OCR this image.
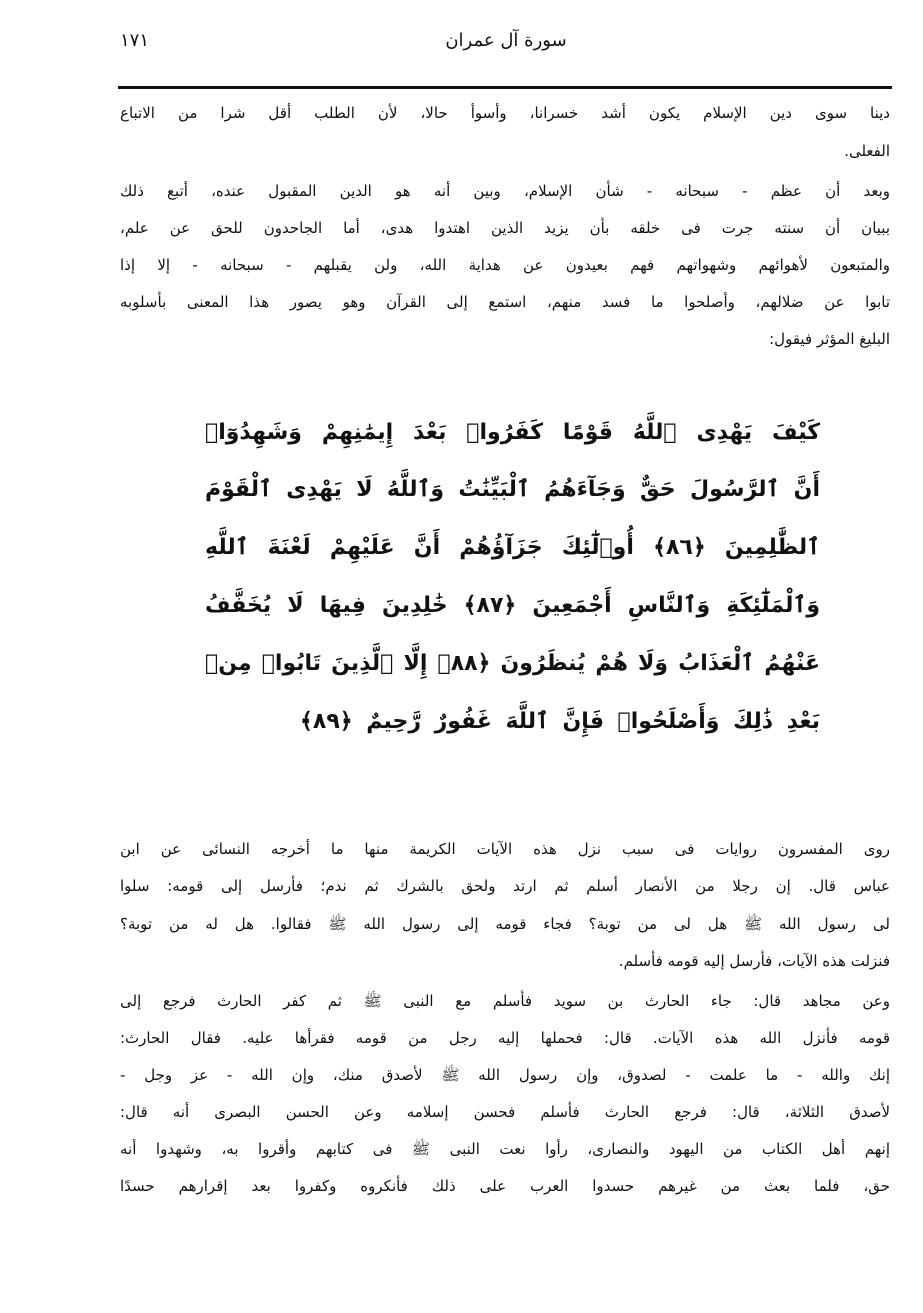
سورة آل عمران
١٧١
دينا سوى دين الإسلام يكون أشد خسرانا، وأسوأ حالا، لأن الطلب أقل شرا من الاتباع
الفعلى.
وبعد أن عظم - سبحانه - شأن الإسلام، وبين أنه هو الدين المقبول عنده، أتبع ذلك
ببيان أن سنته جرت فى خلقه بأن يزيد الذين اهتدوا هدى، أما الجاحدون للحق عن علم،
والمتبعون لأهوائهم وشهواتهم فهم بعيدون عن هداية الله، ولن يقبلهم - سبحانه - إلا إذا
تابوا عن ضلالهم، وأصلحوا ما فسد منهم، استمع إلى القرآن وهو يصور هذا المعنى بأسلوبه
البليغ المؤثر فيقول:
كَيْفَ يَهْدِى ٱللَّهُ قَوْمًا كَفَرُوا۟ بَعْدَ إِيمَٰنِهِمْ وَشَهِدُوٓا۟
أَنَّ ٱلرَّسُولَ حَقٌّ وَجَآءَهُمُ ٱلْبَيِّنَٰتُ وَٱللَّهُ لَا يَهْدِى ٱلْقَوْمَ
ٱلظَّٰلِمِينَ ﴿٨٦﴾ أُو۟لَٰٓئِكَ جَزَآؤُهُمْ أَنَّ عَلَيْهِمْ لَعْنَةَ ٱللَّهِ
وَٱلْمَلَٰٓئِكَةِ وَٱلنَّاسِ أَجْمَعِينَ ﴿٨٧﴾ خَٰلِدِينَ فِيهَا لَا يُخَفَّفُ
عَنْهُمُ ٱلْعَذَابُ وَلَا هُمْ يُنظَرُونَ ﴿٨٨﴾ إِلَّا ٱلَّذِينَ تَابُوا۟ مِنۢ
بَعْدِ ذَٰلِكَ وَأَصْلَحُوا۟ فَإِنَّ ٱللَّهَ غَفُورٌ رَّحِيمٌ ﴿٨٩﴾
روى المفسرون روايات فى سبب نزل هذه الآيات الكريمة منها ما أخرجه النسائى عن ابن
عباس قال. إن رجلا من الأنصار أسلم ثم ارتد ولحق بالشرك ثم ندم؛ فأرسل إلى قومه: سلوا
لى رسول الله ﷺ هل لى من توبة؟ فجاء قومه إلى رسول الله ﷺ فقالوا. هل له من توبة؟
فنزلت هذه الآيات، فأرسل إليه قومه فأسلم.
وعن مجاهد قال: جاء الحارث بن سويد فأسلم مع النبى ﷺ ثم كفر الحارث فرجع إلى
قومه فأنزل الله هذه الآيات. قال: فحملها إليه رجل من قومه فقرأها عليه. فقال الحارث:
إنك والله - ما علمت - لصدوق، وإن رسول الله ﷺ لأصدق منك، وإن الله - عز وجل -
لأصدق الثلاثة، قال: فرجع الحارث فأسلم فحسن إسلامه وعن الحسن البصرى أنه قال:
إنهم أهل الكتاب من اليهود والنصارى، رأوا نعت النبى ﷺ فى كتابهم وأقروا به، وشهدوا أنه
حق، فلما بعث من غيرهم حسدوا العرب على ذلك فأنكروه وكفروا بعد إقرارهم حسدًا
